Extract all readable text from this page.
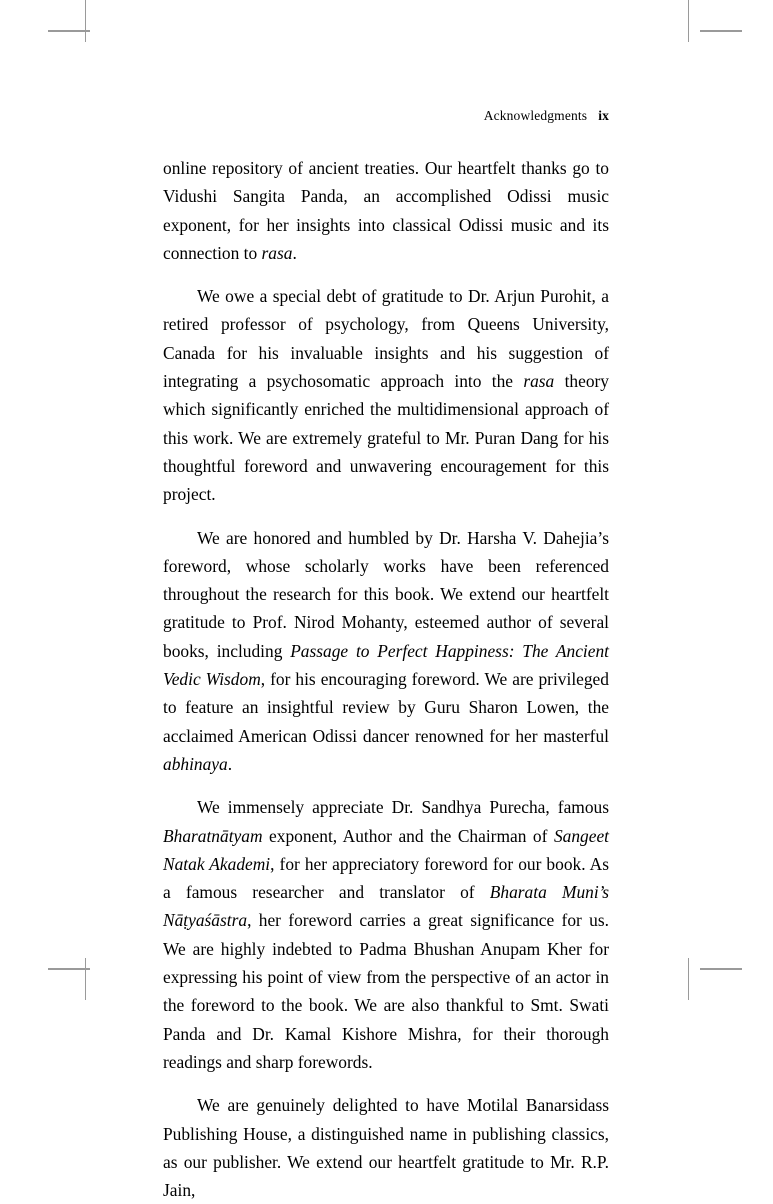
Acknowledgments ix

online repository of ancient treaties. Our heartfelt thanks go to Vidushi Sangita Panda, an accomplished Odissi music exponent, for her insights into classical Odissi music and its connection to rasa.

We owe a special debt of gratitude to Dr. Arjun Purohit, a retired professor of psychology, from Queens University, Canada for his invaluable insights and his suggestion of integrating a psychosomatic approach into the rasa theory which significantly enriched the multidimensional approach of this work. We are extremely grateful to Mr. Puran Dang for his thoughtful foreword and unwavering encouragement for this project.

We are honored and humbled by Dr. Harsha V. Dahejia’s foreword, whose scholarly works have been referenced throughout the research for this book. We extend our heartfelt gratitude to Prof. Nirod Mohanty, esteemed author of several books, including Passage to Perfect Happiness: The Ancient Vedic Wisdom, for his encouraging foreword. We are privileged to feature an insightful review by Guru Sharon Lowen, the acclaimed American Odissi dancer renowned for her masterful abhinaya.

We immensely appreciate Dr. Sandhya Purecha, famous Bharatnātyam exponent, Author and the Chairman of Sangeet Natak Akademi, for her appreciatory foreword for our book. As a famous researcher and translator of Bharata Muni’s Nāṭyaśāstra, her foreword carries a great significance for us. We are highly indebted to Padma Bhushan Anupam Kher for expressing his point of view from the perspective of an actor in the foreword to the book. We are also thankful to Smt. Swati Panda and Dr. Kamal Kishore Mishra, for their thorough readings and sharp forewords.

We are genuinely delighted to have Motilal Banarsidass Publishing House, a distinguished name in publishing classics, as our publisher. We extend our heartfelt gratitude to Mr. R.P. Jain,
